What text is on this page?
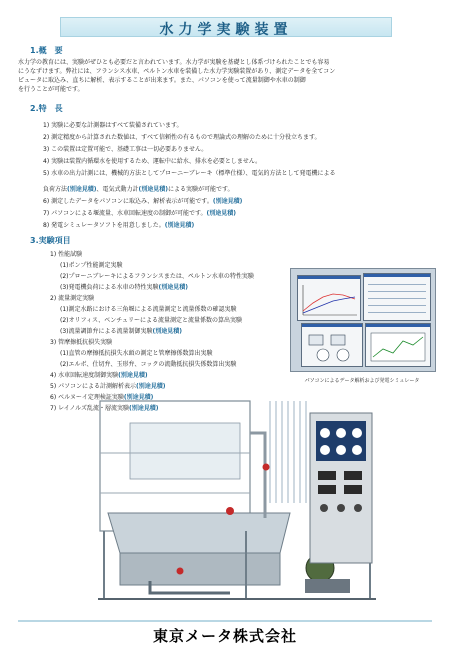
水力学実験装置
1.概　要
水力学の教育には、実験がぜひとも必要だと言われています。水力学が実験を基礎とし体系づけられたことでも容易
にうなずけます。弊社には、フランシス水車、ペルトン水車を装備した水力学実験装置があり、測定データを全てコン
ピュータに取込み、直ちに解析、表示することが出来ます。また、パソコンを使って流量制御や水車の制御
を行うことが可能です。
2.特　長
1) 実験に必要な計測器はすべて装備されています。
2) 測定精度から計算された数値は、すべて信頼性の有るもので理論式の理解のために十分役立ちます。
3) この装置は定置可能で、基礎工事は一切必要ありません。
4) 実験は装置内循環水を使用するため、運転中に給水、排水を必要としません。
5) 水車の出力計測には、機械的方法としてプローニーブレーキ（標準仕様）、電気的方法として発電機による
負荷方法(別途見積)、電気式動力計(別途見積)による実験が可能です。
6) 測定したデータをパソコンに取込み、解析表示が可能です。(別途見積)
7) パソコンによる堰流量、水車回転速度の制御が可能です。(別途見積)
8) 発電シミュレータソフトを用意しました。(別途見積)
3.実験項目
1) 性能試験
(1)ポンプ性能測定実験
(2)プローニブレーキによるフランシスまたは、ペルトン水車の特性実験
(3)発電機負荷による水車の特性実験(別途見積)
2) 流量測定実験
(1)測定水路における三角堰による流量測定と流量係数の確認実験
(2)オリフィス、ベンチュリーによる流量測定と流量係数の算出実験
(3)流量調節弁による流量制御実験(別途見積)
3) 管摩擦抵抗損失実験
(1)直管の摩擦抵抗損失水頭の測定と管摩擦係数算出実験
(2)エルボ、仕切弁、玉形弁、コックの流動抵抗損失係数算出実験
4) 水車回転速度制御実験(別途見積)
5) パソコンによる計測解析表示(別途見積)
6) ベルヌーイ定理検証実験(別途見積)
7) レイノルズ乱流・層流実験(別途見積)
パソコンによるデータ解析および発電シミュレータ
東京メータ株式会社
